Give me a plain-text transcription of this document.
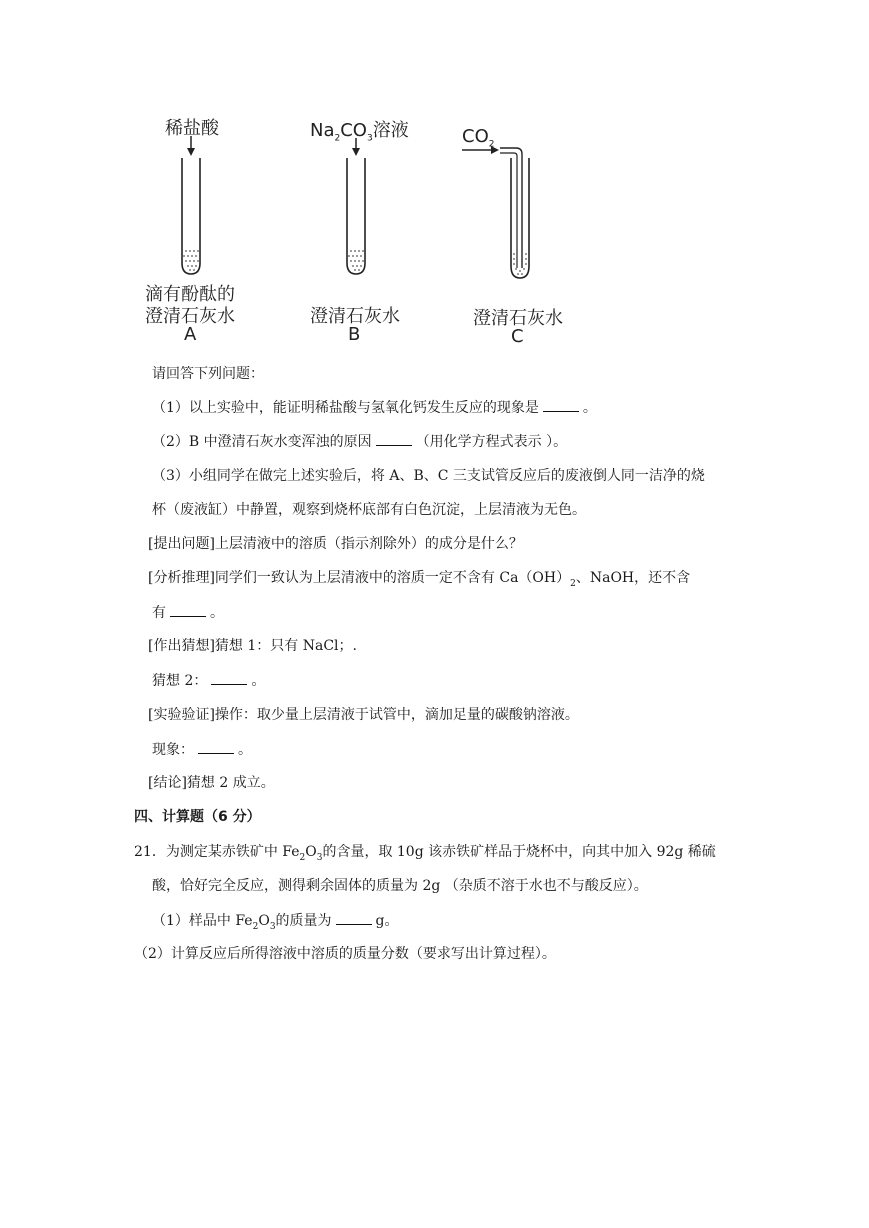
稀盐酸
滴有酚酞的
澄清石灰水
A
$Na_2CO_3$溶液
澄清石灰水
B
$CO_2$
澄清石灰水
C
请回答下列问题：
（1）以上实验中，能证明稀盐酸与氢氧化钙发生反应的现象是	。
（2）B 中澄清石灰水变浑浊的原因	（用化学方程式表示 ）。
（3）小组同学在做完上述实验后，将 A、B、C 三支试管反应后的废液倒人同一洁净的烧
杯（废液缸）中静置，观察到烧杯底部有白色沉淀，上层清液为无色。
[提出问题]上层清液中的溶质（指示剂除外）的成分是什么？
[分析推理]同学们一致认为上层清液中的溶质一定不含有 $Ca(OH)_2$、NaOH，还不含
有	。
[作出猜想]猜想 1：只有 NaCl；.
猜想 2：	。
[实验验证]操作：取少量上层清液于试管中，滴加足量的碳酸钠溶液。
现象：	。
[结论]猜想 2 成立。
四、计算题（6 分）
21．为测定某赤铁矿中 $Fe_2O_3$的含量，取 10g 该赤铁矿样品于烧杯中，向其中加入 92g 稀硫
酸，恰好完全反应，测得剩余固体的质量为 2g （杂质不溶于水也不与酸反应）。
（1）样品中 $Fe_2O_3$的质量为	g。
（2）计算反应后所得溶液中溶质的质量分数（要求写出计算过程）。
